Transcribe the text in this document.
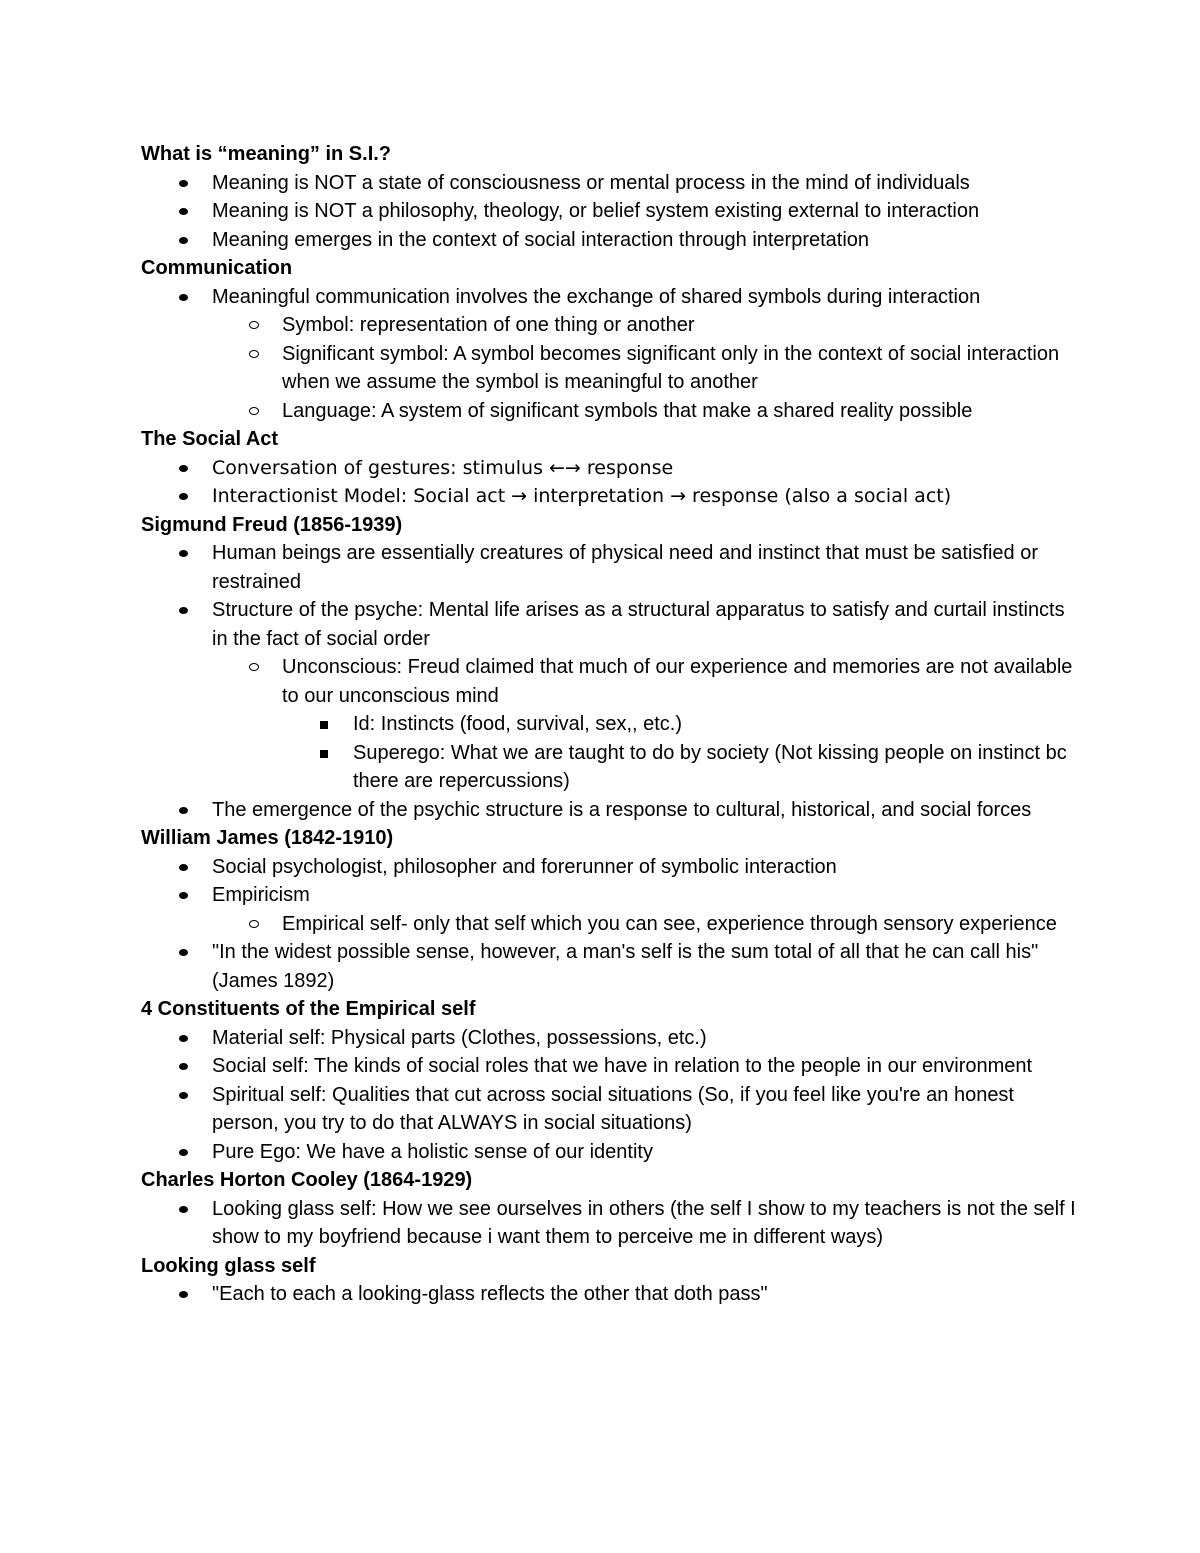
What is “meaning” in S.I.?
Meaning is NOT a state of consciousness or mental process in the mind of individuals
Meaning is NOT a philosophy, theology, or belief system existing external to interaction
Meaning emerges in the context of social interaction through interpretation
Communication
Meaningful communication involves the exchange of shared symbols during interaction
Symbol: representation of one thing or another
Significant symbol: A symbol becomes significant only in the context of social interaction when we assume the symbol is meaningful to another
Language: A system of significant symbols that make a shared reality possible
The Social Act
Conversation of gestures: stimulus ←→ response
Interactionist Model: Social act → interpretation → response (also a social act)
Sigmund Freud (1856-1939)
Human beings are essentially creatures of physical need and instinct that must be satisfied or restrained
Structure of the psyche: Mental life arises as a structural apparatus to satisfy and curtail instincts in the fact of social order
Unconscious: Freud claimed that much of our experience and memories are not available to our unconscious mind
Id: Instincts (food, survival, sex,, etc.)
Superego: What we are taught to do by society (Not kissing people on instinct bc there are repercussions)
The emergence of the psychic structure is a response to cultural, historical, and social forces
William James (1842-1910)
Social psychologist, philosopher and forerunner of symbolic interaction
Empiricism
Empirical self- only that self which you can see, experience through sensory experience
"In the widest possible sense, however, a man's self is the sum total of all that he can call his" (James 1892)
4 Constituents of the Empirical self
Material self: Physical parts (Clothes, possessions, etc.)
Social self: The kinds of social roles that we have in relation to the people in our environment
Spiritual self: Qualities that cut across social situations (So, if you feel like you're an honest person, you try to do that ALWAYS in social situations)
Pure Ego: We have a holistic sense of our identity
Charles Horton Cooley (1864-1929)
Looking glass self: How we see ourselves in others (the self I show to my teachers is not the self I show to my boyfriend because i want them to perceive me in different ways)
Looking glass self
"Each to each a looking-glass reflects the other that doth pass"
